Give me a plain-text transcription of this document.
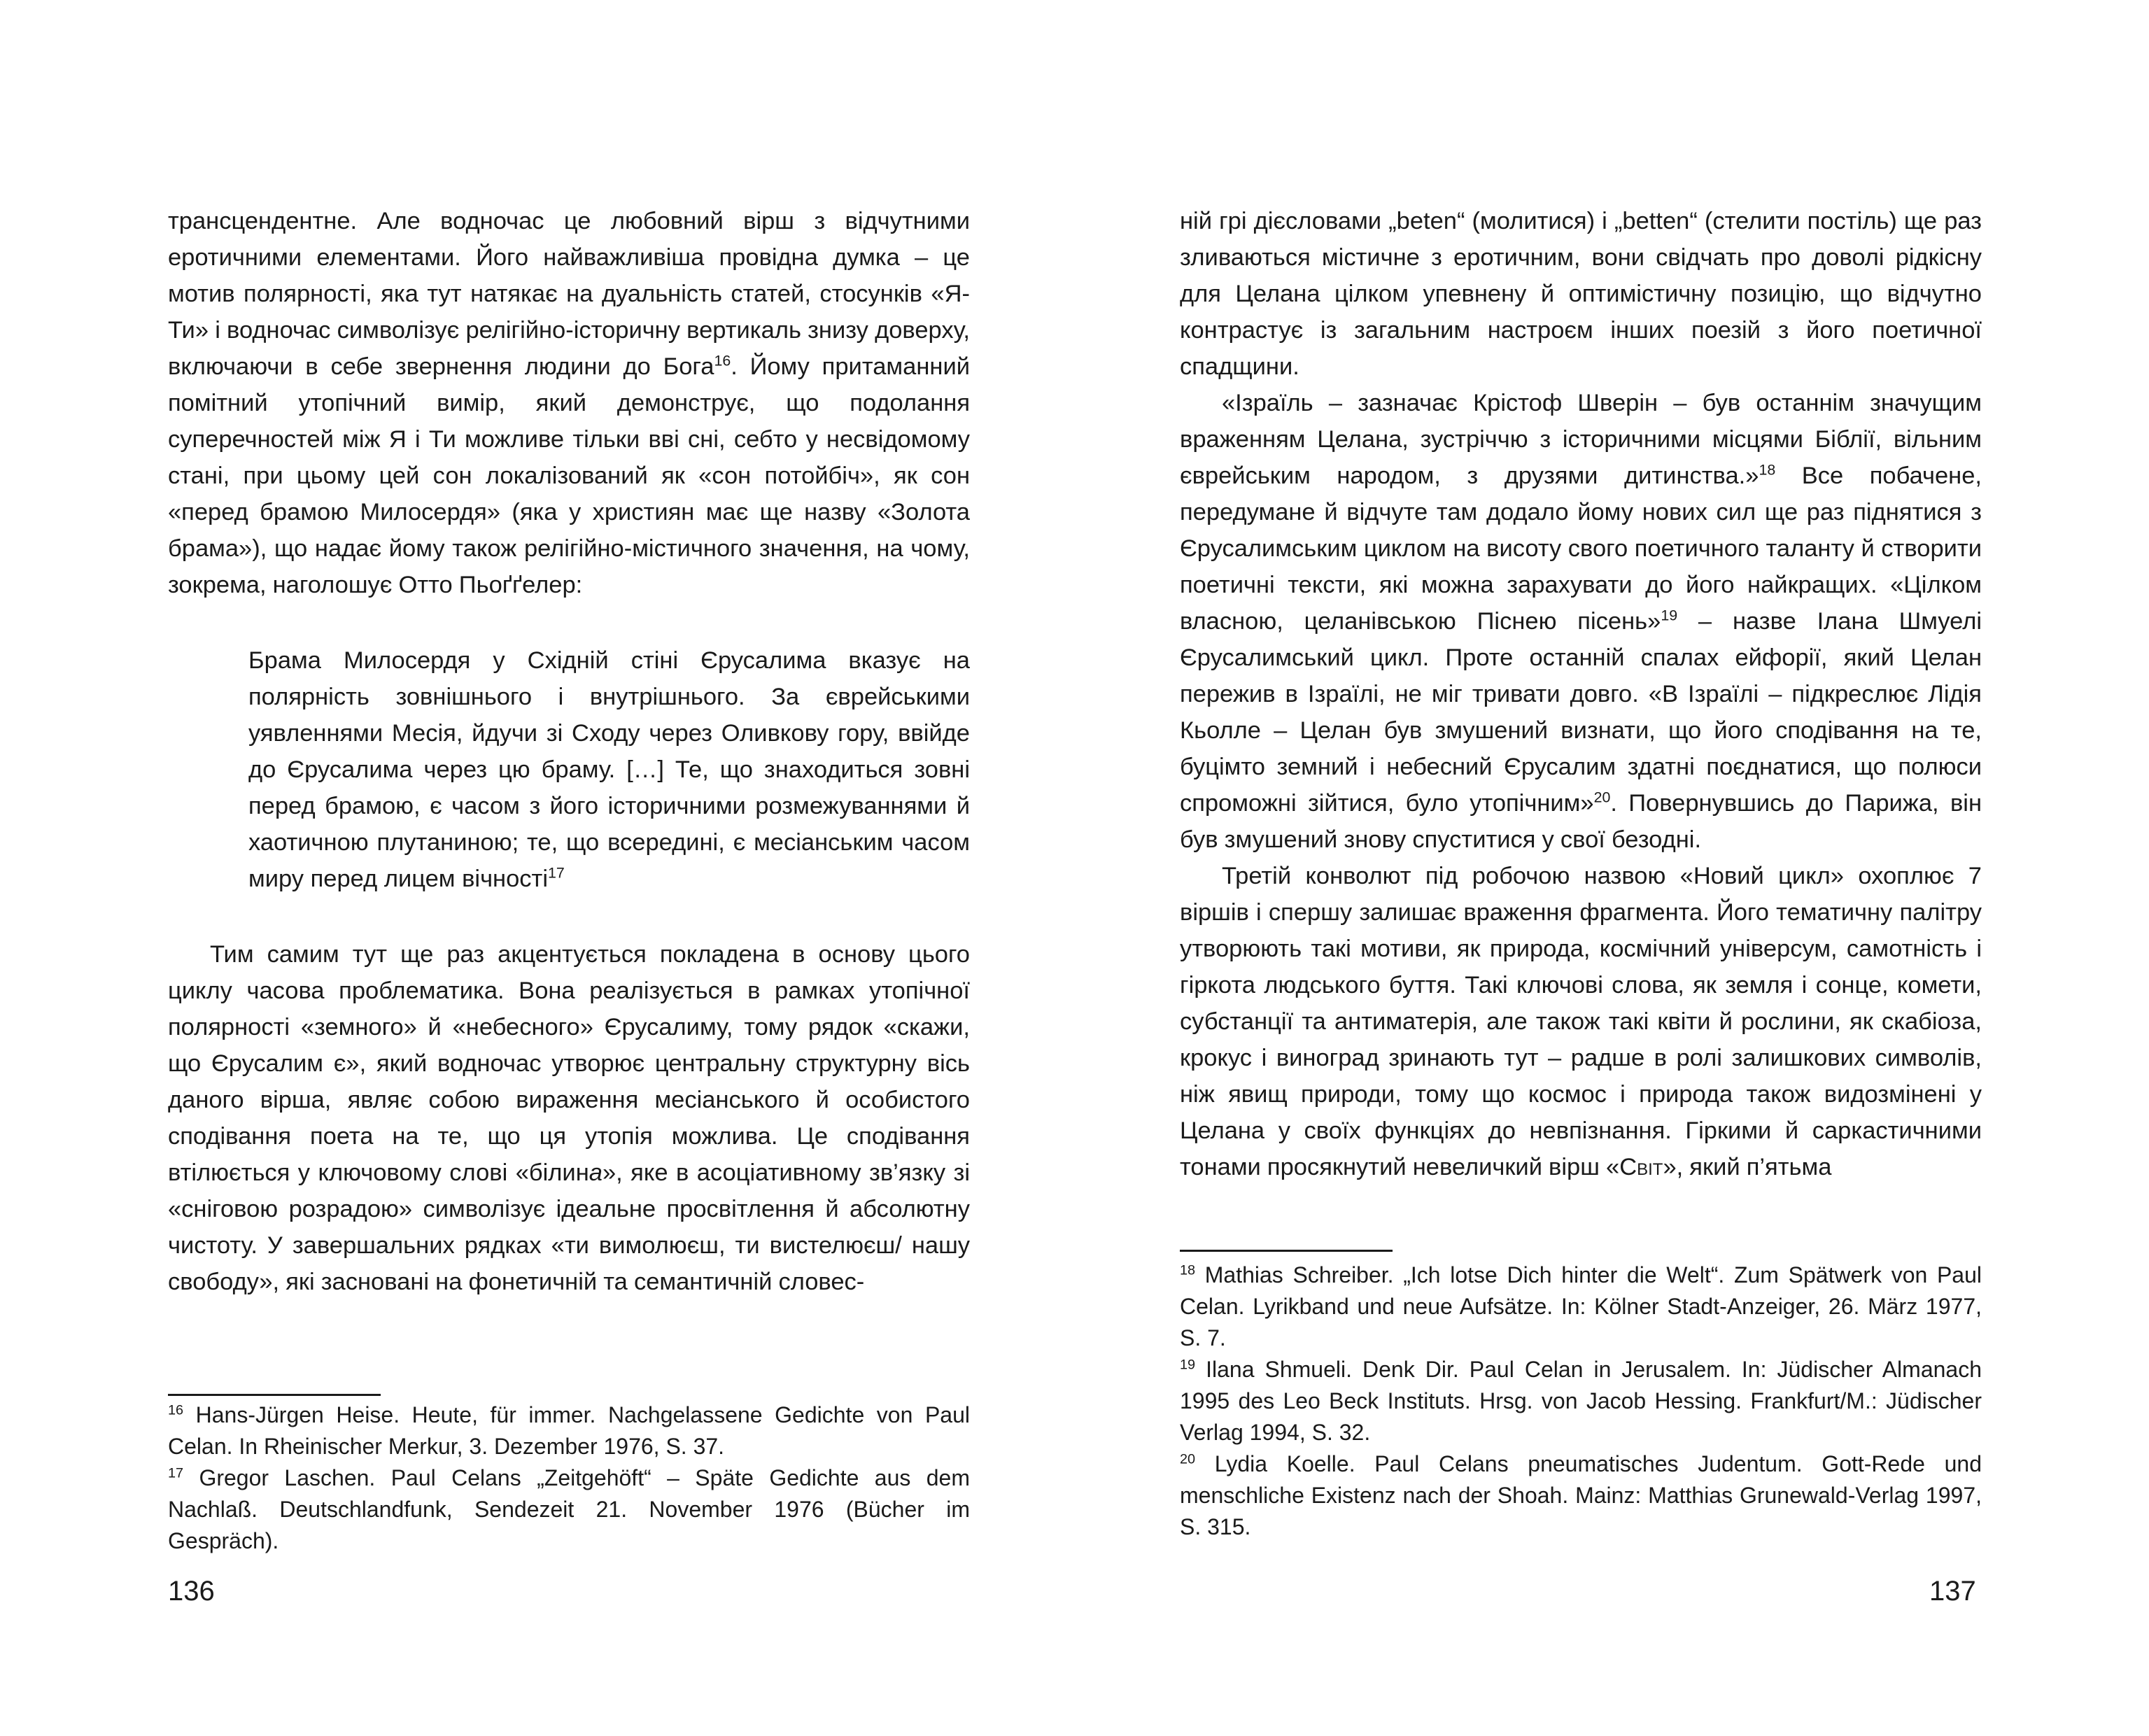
трансцендентне. Але водночас це любовний вірш з відчутними еротичними елементами. Його найважливіша провідна думка – це мотив полярності, яка тут натякає на дуальність статей, стосунків «Я-Ти» і водночас символізує релігійно-історичну вертикаль знизу доверху, включаючи в себе звернення людини до Бога$^{16}$. Йому притаманний помітний утопічний вимір, який демонструє, що подолання суперечностей між Я і Ти можливе тільки вві сні, себто у несвідомому стані, при цьому цей сон локалізований як «сон потойбіч», як сон «перед брамою Милосердя» (яка у християн має ще назву «Золота брама»), що надає йому також релігійно-містичного значення, на чому, зокрема, наголошує Отто Пьоґґелер:

Брама Милосердя у Східній стіні Єрусалима вказує на полярність зовнішнього і внутрішнього. За єврейськими уявленнями Месія, йдучи зі Сходу через Оливкову гору, ввійде до Єрусалима через цю браму. […] Те, що знаходиться зовні перед брамою, є часом з його історичними розмежуваннями й хаотичною плутаниною; те, що всередині, є месіанським часом миру перед лицем вічності$^{17}$

Тим самим тут ще раз акцентується покладена в основу цього циклу часова проблематика. Вона реалізується в рамках утопічної полярності «земного» й «небесного» Єрусалиму, тому рядок «скажи, що Єрусалим є», який водночас утворює центральну структурну вісь даного вірша, являє собою вираження месіанського й особистого сподівання поета на те, що ця утопія можлива. Це сподівання втілюється у ключовому слові «білина», яке в асоціативному зв’язку зі «сніговою розрадою» символізує ідеальне просвітлення й абсолютну чистоту. У завершальних рядках «ти вимолюєш, ти вистелюєш/ нашу свободу», які засновані на фонетичній та семантичній словес-

$^{16}$ Hans-Jürgen Heise. Heute, für immer. Nachgelassene Gedichte von Paul Celan. In Rheinischer Merkur, 3. Dezember 1976, S. 37.

$^{17}$ Gregor Laschen. Paul Celans „Zeitgehöft“ – Späte Gedichte aus dem Nachlaß. Deutschlandfunk, Sendezeit 21. November 1976 (Bücher im Gespräch).

136

ній грі дієсловами „beten“ (молитися) і „betten“ (стелити постіль) ще раз зливаються містичне з еротичним, вони свідчать про доволі рідкісну для Целана цілком упевнену й оптимістичну позицію, що відчутно контрастує із загальним настроєм інших поезій з його поетичної спадщини.

«Ізраїль – зазначає Крістоф Шверін – був останнім значущим враженням Целана, зустріччю з історичними місцями Біблії, вільним єврейським народом, з друзями дитинства.»$^{18}$ Все побачене, передумане й відчуте там додало йому нових сил ще раз піднятися з Єрусалимським циклом на висоту свого поетичного таланту й створити поетичні тексти, які можна зарахувати до його найкращих. «Цілком власною, целанівською Піснею пісень»$^{19}$ – назве Ілана Шмуелі Єрусалимський цикл. Проте останній спалах ейфорії, який Целан пережив в Ізраїлі, не міг тривати довго. «В Ізраїлі – підкреслює Лідія Кьолле – Целан був змушений визнати, що його сподівання на те, буцімто земний і небесний Єрусалим здатні поєднатися, що полюси спроможні зійтися, було утопічним»$^{20}$. Повернувшись до Парижа, він був змушений знову спуститися у свої безодні.

Третій конволют під робочою назвою «Новий цикл» охоплює 7 віршів і спершу залишає враження фрагмента. Його тематичну палітру утворюють такі мотиви, як природа, космічний універсум, самотність і гіркота людського буття. Такі ключові слова, як земля і сонце, комети, субстанції та антиматерія, але також такі квіти й рослини, як скабіоза, крокус і виноград зринають тут – радше в ролі залишкових символів, ніж явищ природи, тому що космос і природа також видозмінені у Целана у своїх функціях до невпізнання. Гіркими й саркастичними тонами просякнутий невеличкий вірш «Світ», який п’ятьма

$^{18}$ Mathias Schreiber. „Ich lotse Dich hinter die Welt“. Zum Spätwerk von Paul Celan. Lyrikband und neue Aufsätze. In: Kölner Stadt-Anzeiger, 26. März 1977, S. 7.

$^{19}$ Ilana Shmueli. Denk Dir. Paul Celan in Jerusalem. In: Jüdischer Almanach 1995 des Leo Beck Instituts. Hrsg. von Jacob Hessing. Frankfurt/M.: Jüdischer Verlag 1994, S. 32.

$^{20}$ Lydia Koelle. Paul Celans pneumatisches Judentum. Gott-Rede und menschliche Existenz nach der Shoah. Mainz: Matthias Grunewald-Verlag 1997, S. 315.

137
